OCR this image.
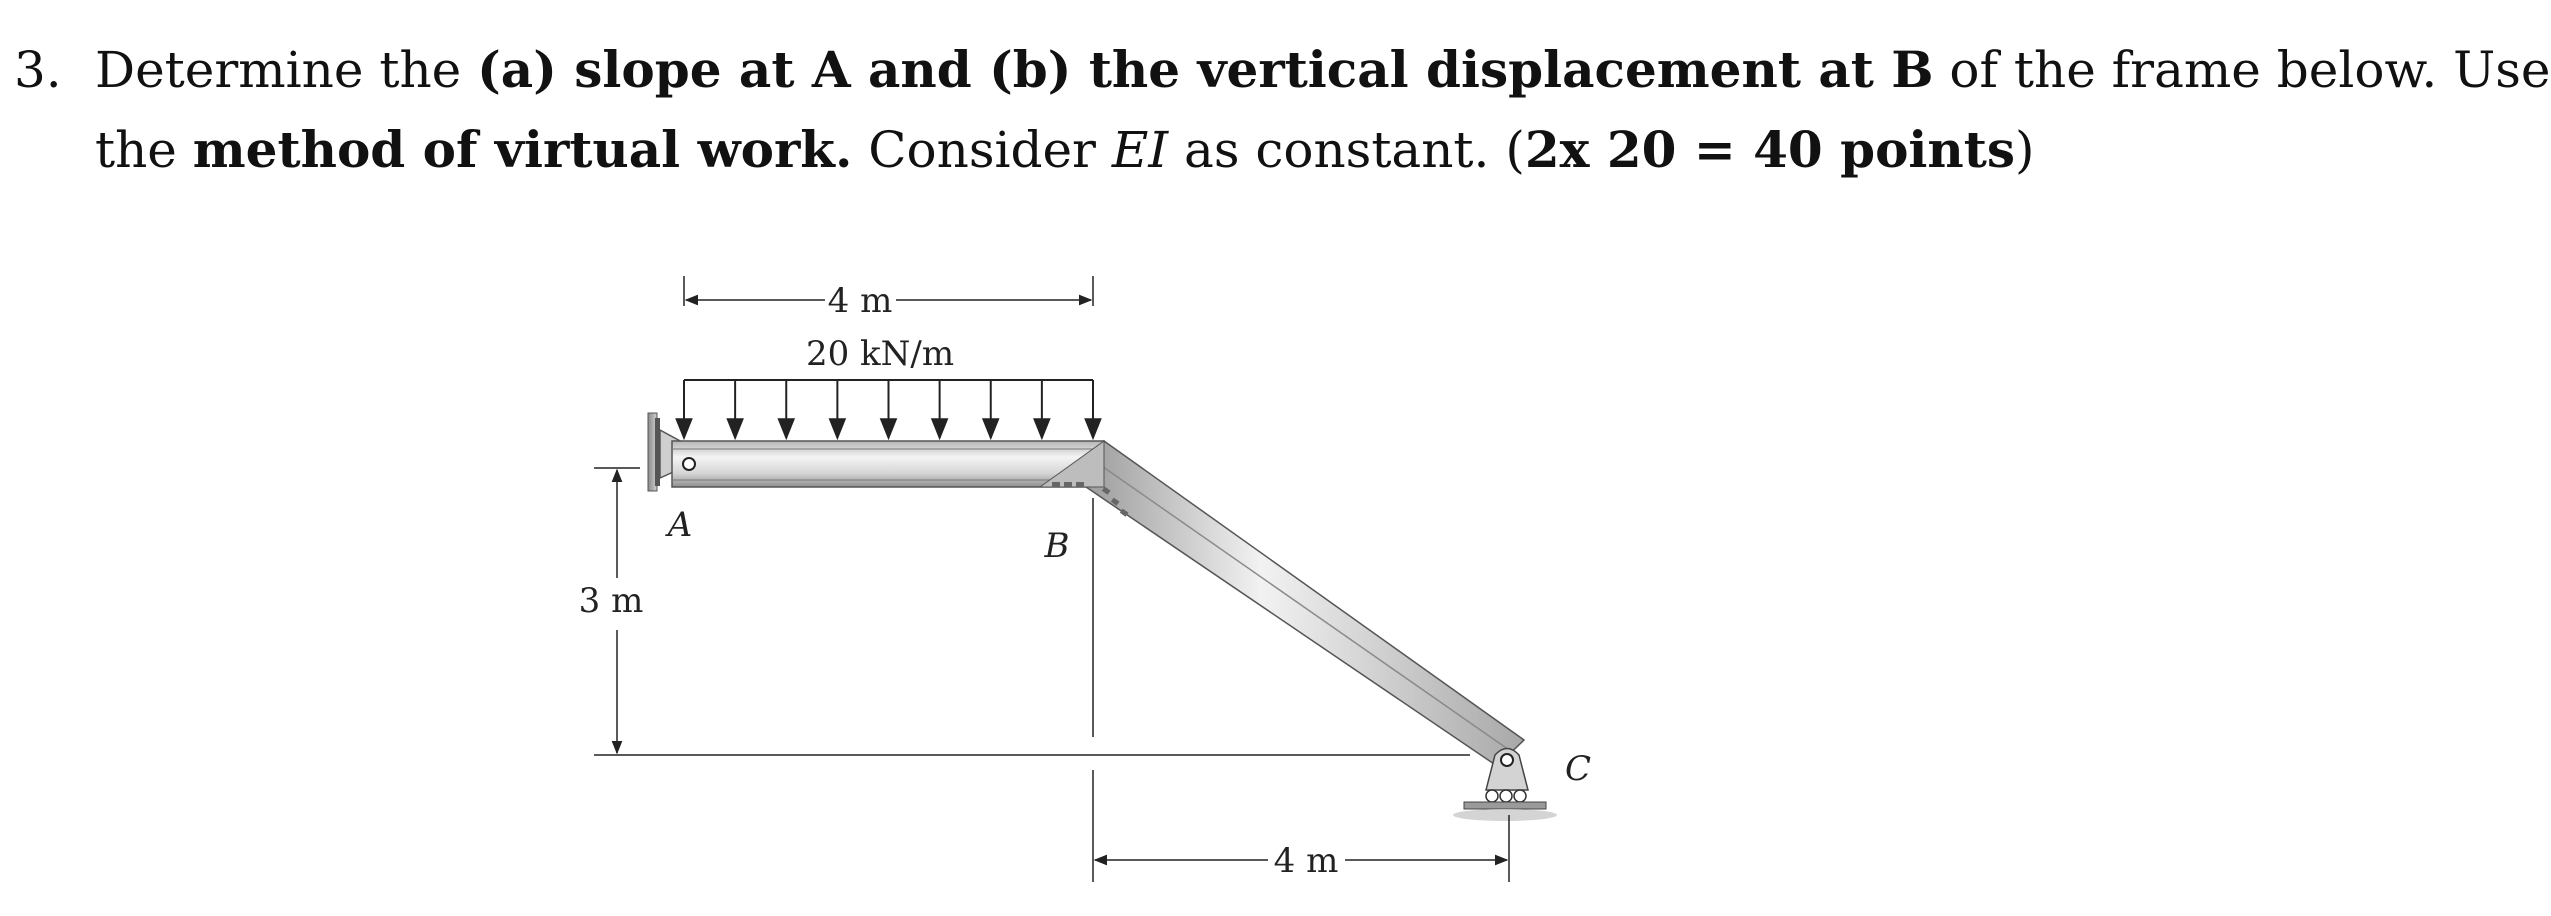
3. Determine the (a) slope at A and (b) the vertical displacement at B of the frame below. Use
the method of virtual work. Consider EI as constant. (2x 20 = 40 points)
4 m
20 kN/m
3 m
4 m
A
B
C
